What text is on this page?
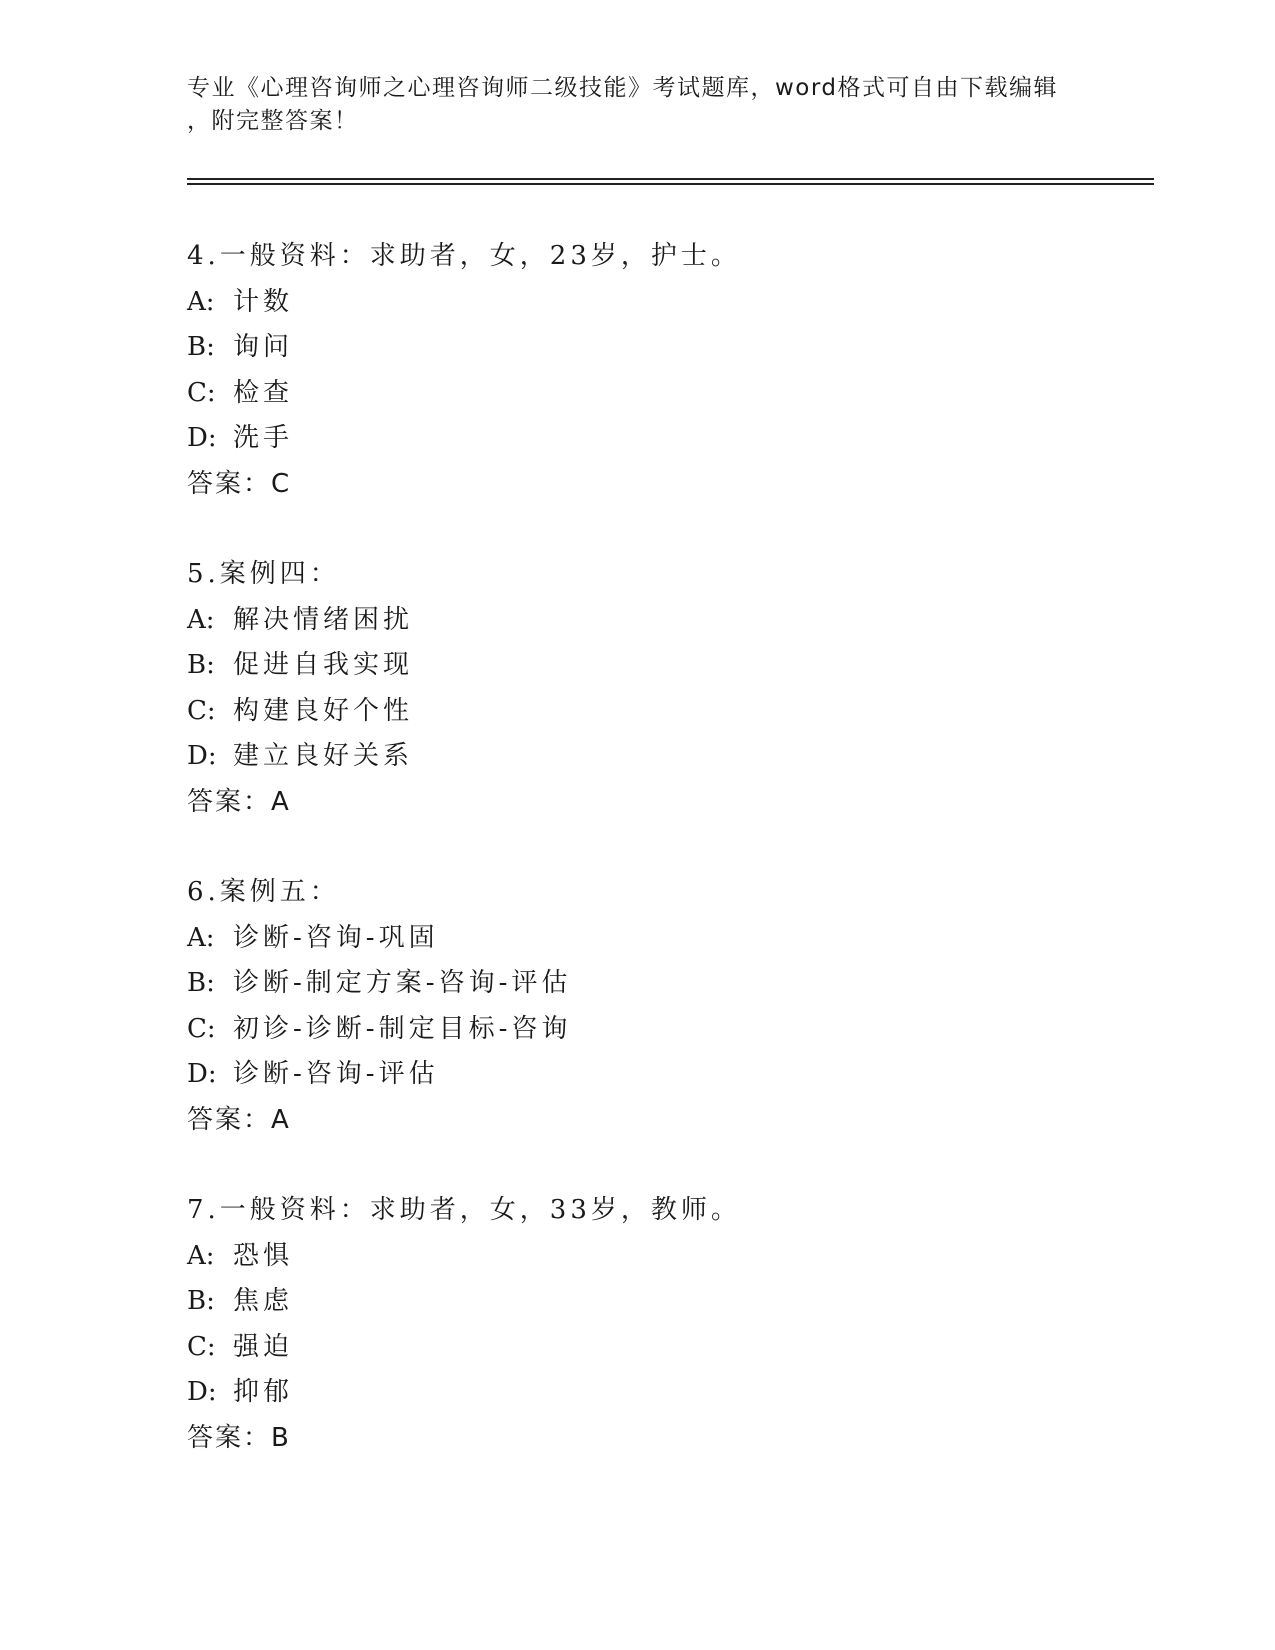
专业《心理咨询师之心理咨询师二级技能》考试题库，word格式可自由下载编辑
，附完整答案！
4.一般资料：求助者，女，23岁，护士。
A: 计数
B: 询问
C: 检查
D: 洗手
答案：C
5.案例四：
A: 解决情绪困扰
B: 促进自我实现
C: 构建良好个性
D: 建立良好关系
答案：A
6.案例五：
A: 诊断-咨询-巩固
B: 诊断-制定方案-咨询-评估
C: 初诊-诊断-制定目标-咨询
D: 诊断-咨询-评估
答案：A
7.一般资料：求助者，女，33岁，教师。
A: 恐惧
B: 焦虑
C: 强迫
D: 抑郁
答案：B
